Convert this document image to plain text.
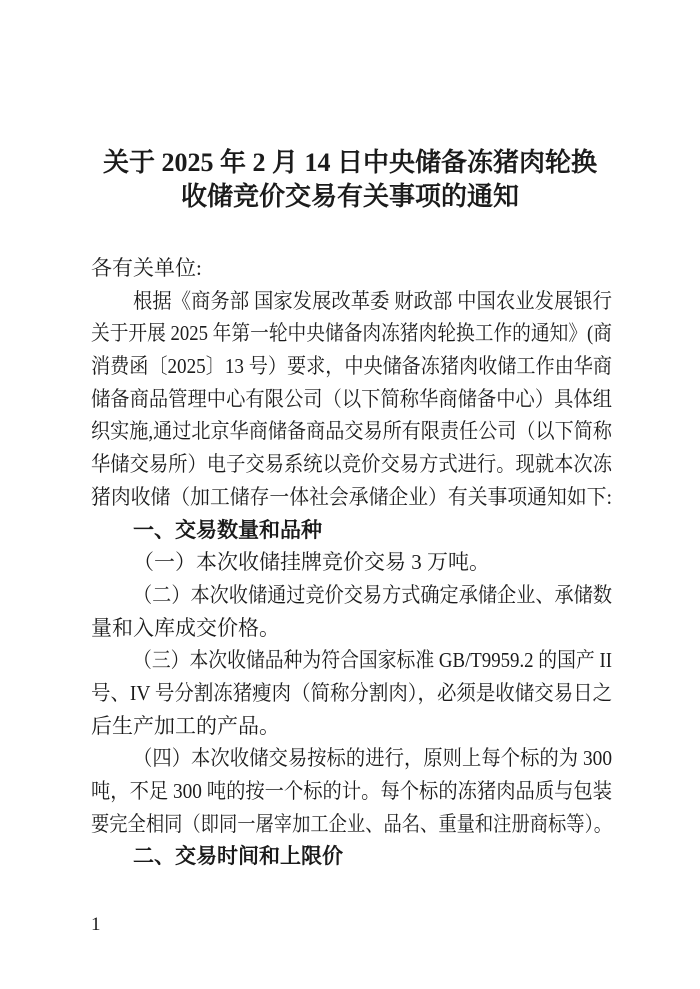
关于 2025 年 2 月 14 日中央储备冻猪肉轮换
收储竞价交易有关事项的通知
各有关单位:
根据《商务部 国家发展改革委 财政部 中国农业发展银行
关于开展 2025 年第一轮中央储备肉冻猪肉轮换工作的通知》(商
消费函〔2025〕13 号）要求，中央储备冻猪肉收储工作由华商
储备商品管理中心有限公司（以下简称华商储备中心）具体组
织实施,通过北京华商储备商品交易所有限责任公司（以下简称
华储交易所）电子交易系统以竞价交易方式进行。现就本次冻
猪肉收储（加工储存一体社会承储企业）有关事项通知如下:
一、交易数量和品种
（一）本次收储挂牌竞价交易 3 万吨。
（二）本次收储通过竞价交易方式确定承储企业、承储数
量和入库成交价格。
（三）本次收储品种为符合国家标准 GB/T9959.2 的国产 II
号、IV 号分割冻猪瘦肉（简称分割肉），必须是收储交易日之
后生产加工的产品。
（四）本次收储交易按标的进行，原则上每个标的为 300
吨，不足 300 吨的按一个标的计。每个标的冻猪肉品质与包装
要完全相同（即同一屠宰加工企业、品名、重量和注册商标等）。
二、交易时间和上限价
1
